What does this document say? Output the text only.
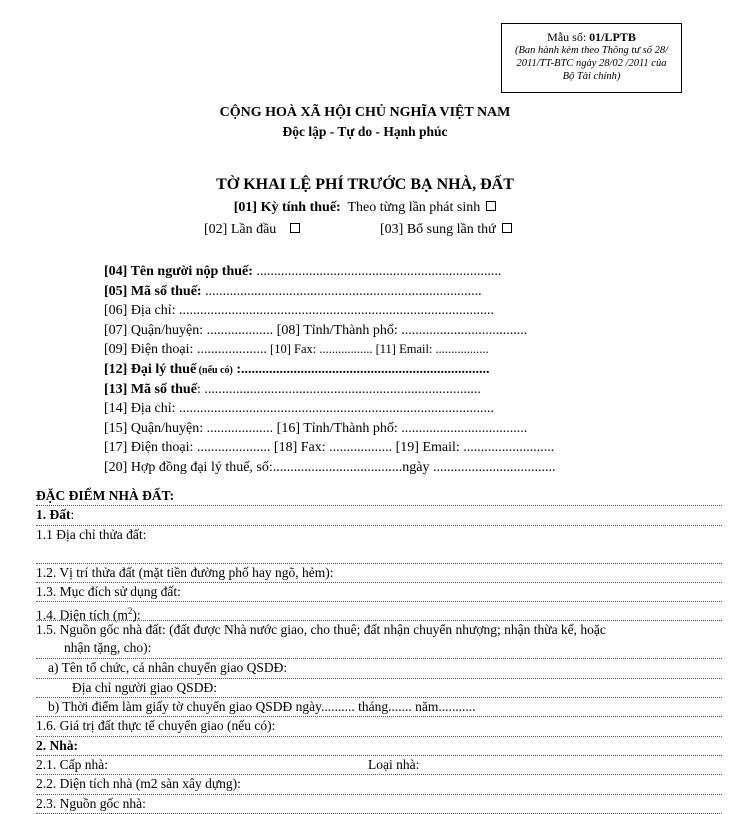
Mẫu số: 01/LPTB
(Ban hành kèm theo Thông tư số 28/ 2011/TT-BTC ngày 28/02 /2011 của Bộ Tài chính)
CỘNG HOÀ XÃ HỘI CHỦ NGHĨA VIỆT NAM
Độc lập - Tự do - Hạnh phúc
TỜ KHAI LỆ PHÍ TRƯỚC BẠ NHÀ, ĐẤT
[01] Kỳ tính thuế: Theo từng lần phát sinh
[02] Lần đầu	[03] Bổ sung lần thứ
[04] Tên người nộp thuế: ......................................................................
[05] Mã số thuế: ...............................................................................
[06] Địa chỉ: ..........................................................................................
[07] Quận/huyện: ................... [08] Tỉnh/Thành phố: ....................................
[09] Điện thoại: .................... [10] Fax: ................. [11] Email: .................
[12] Đại lý thuế (nếu có) :.......................................................................
[13] Mã số thuế: ...............................................................................
[14] Địa chỉ: ..........................................................................................
[15] Quận/huyện: ................... [16] Tỉnh/Thành phố: ....................................
[17] Điện thoại: ..................... [18] Fax: .................. [19] Email: ..........................
[20] Hợp đồng đại lý thuế, số:.....................................ngày ...................................
ĐẶC ĐIỂM NHÀ ĐẤT:
1. Đất:
1.1 Địa chỉ thửa đất:
1.2. Vị trí thửa đất (mặt tiền đường phố hay ngõ, hẻm):
1.3. Mục đích sử dụng đất:
1.4. Diện tích $(m^2)$:
1.5. Nguồn gốc nhà đất: (đất được Nhà nước giao, cho thuê; đất nhận chuyển nhượng; nhận thừa kế, hoặc
nhận tặng, cho):
a) Tên tổ chức, cá nhân chuyển giao QSDĐ:
Địa chỉ người giao QSDĐ:
b) Thời điểm làm giấy tờ chuyển giao QSDĐ ngày.......... tháng....... năm...........
1.6. Giá trị đất thực tế chuyển giao (nếu có):
2. Nhà:
2.1. Cấp nhà:	Loại nhà:
2.2. Diện tích nhà (m2 sàn xây dựng):
2.3. Nguồn gốc nhà:
